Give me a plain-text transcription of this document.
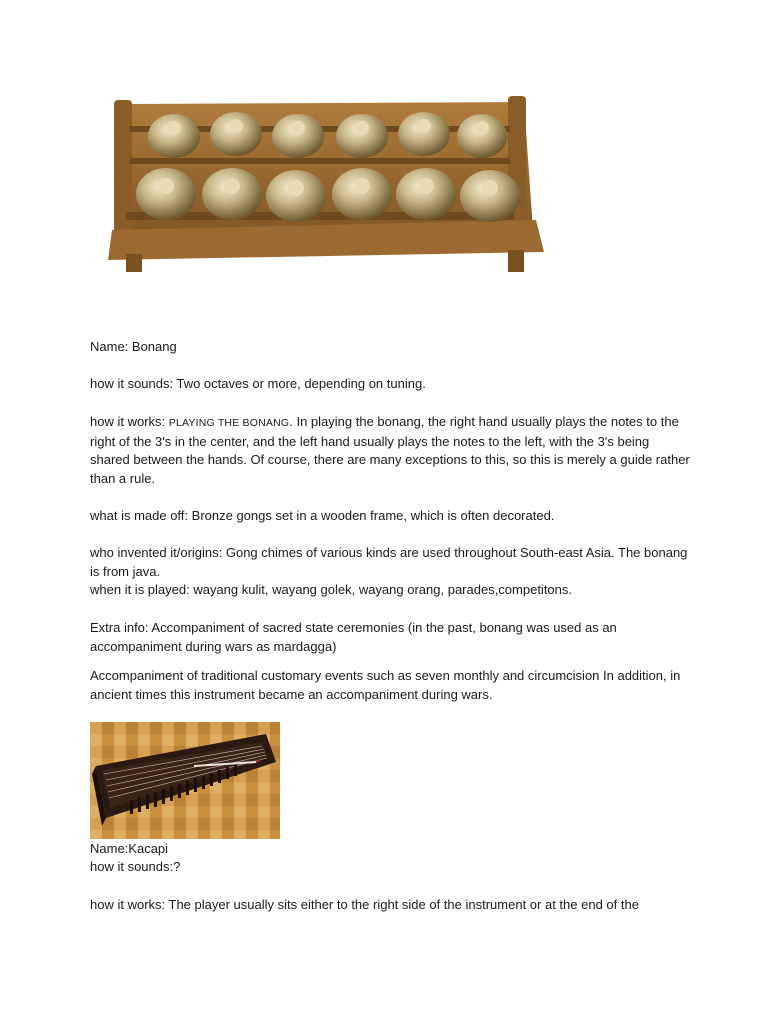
Name: Bonang

how it sounds: Two octaves or more, depending on tuning.

how it works: PLAYING THE BONANG. In playing the bonang, the right hand usually plays the notes to the right of the 3's in the center, and the left hand usually plays the notes to the left, with the 3's being shared between the hands. Of course, there are many exceptions to this, so this is merely a guide rather than a rule.

what is made off: Bronze gongs set in a wooden frame, which is often decorated.

who invented it/origins: Gong chimes of various kinds are used throughout South-east Asia. The bonang is from java.

when it is played: wayang kulit, wayang golek, wayang orang, parades,competitons.

Extra info: Accompaniment of sacred state ceremonies (in the past, bonang was used as an accompaniment during wars as mardagga)

Accompaniment of traditional customary events such as seven monthly and circumcision In addition, in ancient times this instrument became an accompaniment during wars.

Name:Kacapi

how it sounds:?

how it works: The player usually sits either to the right side of the instrument or at the end of the
